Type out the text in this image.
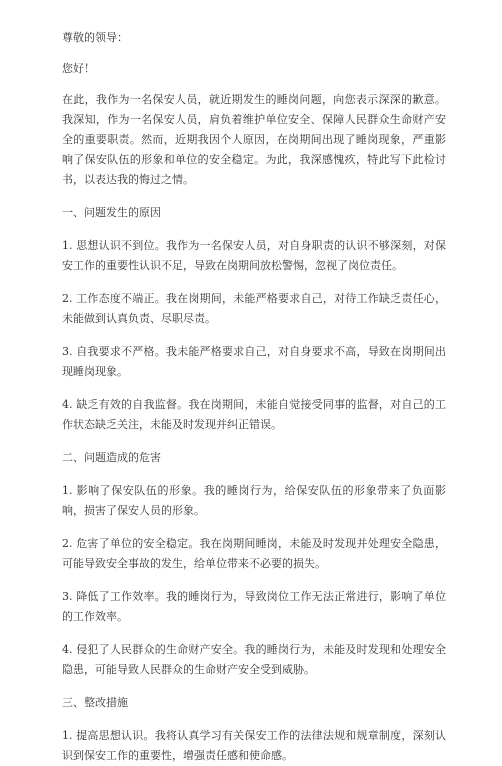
尊敬的领导：

您好！

在此，我作为一名保安人员，就近期发生的睡岗问题，向您表示深深的歉意。我深知，作为一名保安人员，肩负着维护单位安全、保障人民群众生命财产安全的重要职责。然而，近期我因个人原因，在岗期间出现了睡岗现象，严重影响了保安队伍的形象和单位的安全稳定。为此，我深感愧疚，特此写下此检讨书，以表达我的悔过之情。

一、问题发生的原因

1. 思想认识不到位。我作为一名保安人员，对自身职责的认识不够深刻，对保安工作的重要性认识不足，导致在岗期间放松警惕，忽视了岗位责任。

2. 工作态度不端正。我在岗期间，未能严格要求自己，对待工作缺乏责任心，未能做到认真负责、尽职尽责。

3. 自我要求不严格。我未能严格要求自己，对自身要求不高，导致在岗期间出现睡岗现象。

4. 缺乏有效的自我监督。我在岗期间，未能自觉接受同事的监督，对自己的工作状态缺乏关注，未能及时发现并纠正错误。

二、问题造成的危害

1. 影响了保安队伍的形象。我的睡岗行为，给保安队伍的形象带来了负面影响，损害了保安人员的形象。

2. 危害了单位的安全稳定。我在岗期间睡岗，未能及时发现并处理安全隐患，可能导致安全事故的发生，给单位带来不必要的损失。

3. 降低了工作效率。我的睡岗行为，导致岗位工作无法正常进行，影响了单位的工作效率。

4. 侵犯了人民群众的生命财产安全。我的睡岗行为，未能及时发现和处理安全隐患，可能导致人民群众的生命财产安全受到威胁。

三、整改措施

1. 提高思想认识。我将认真学习有关保安工作的法律法规和规章制度，深刻认识到保安工作的重要性，增强责任感和使命感。
